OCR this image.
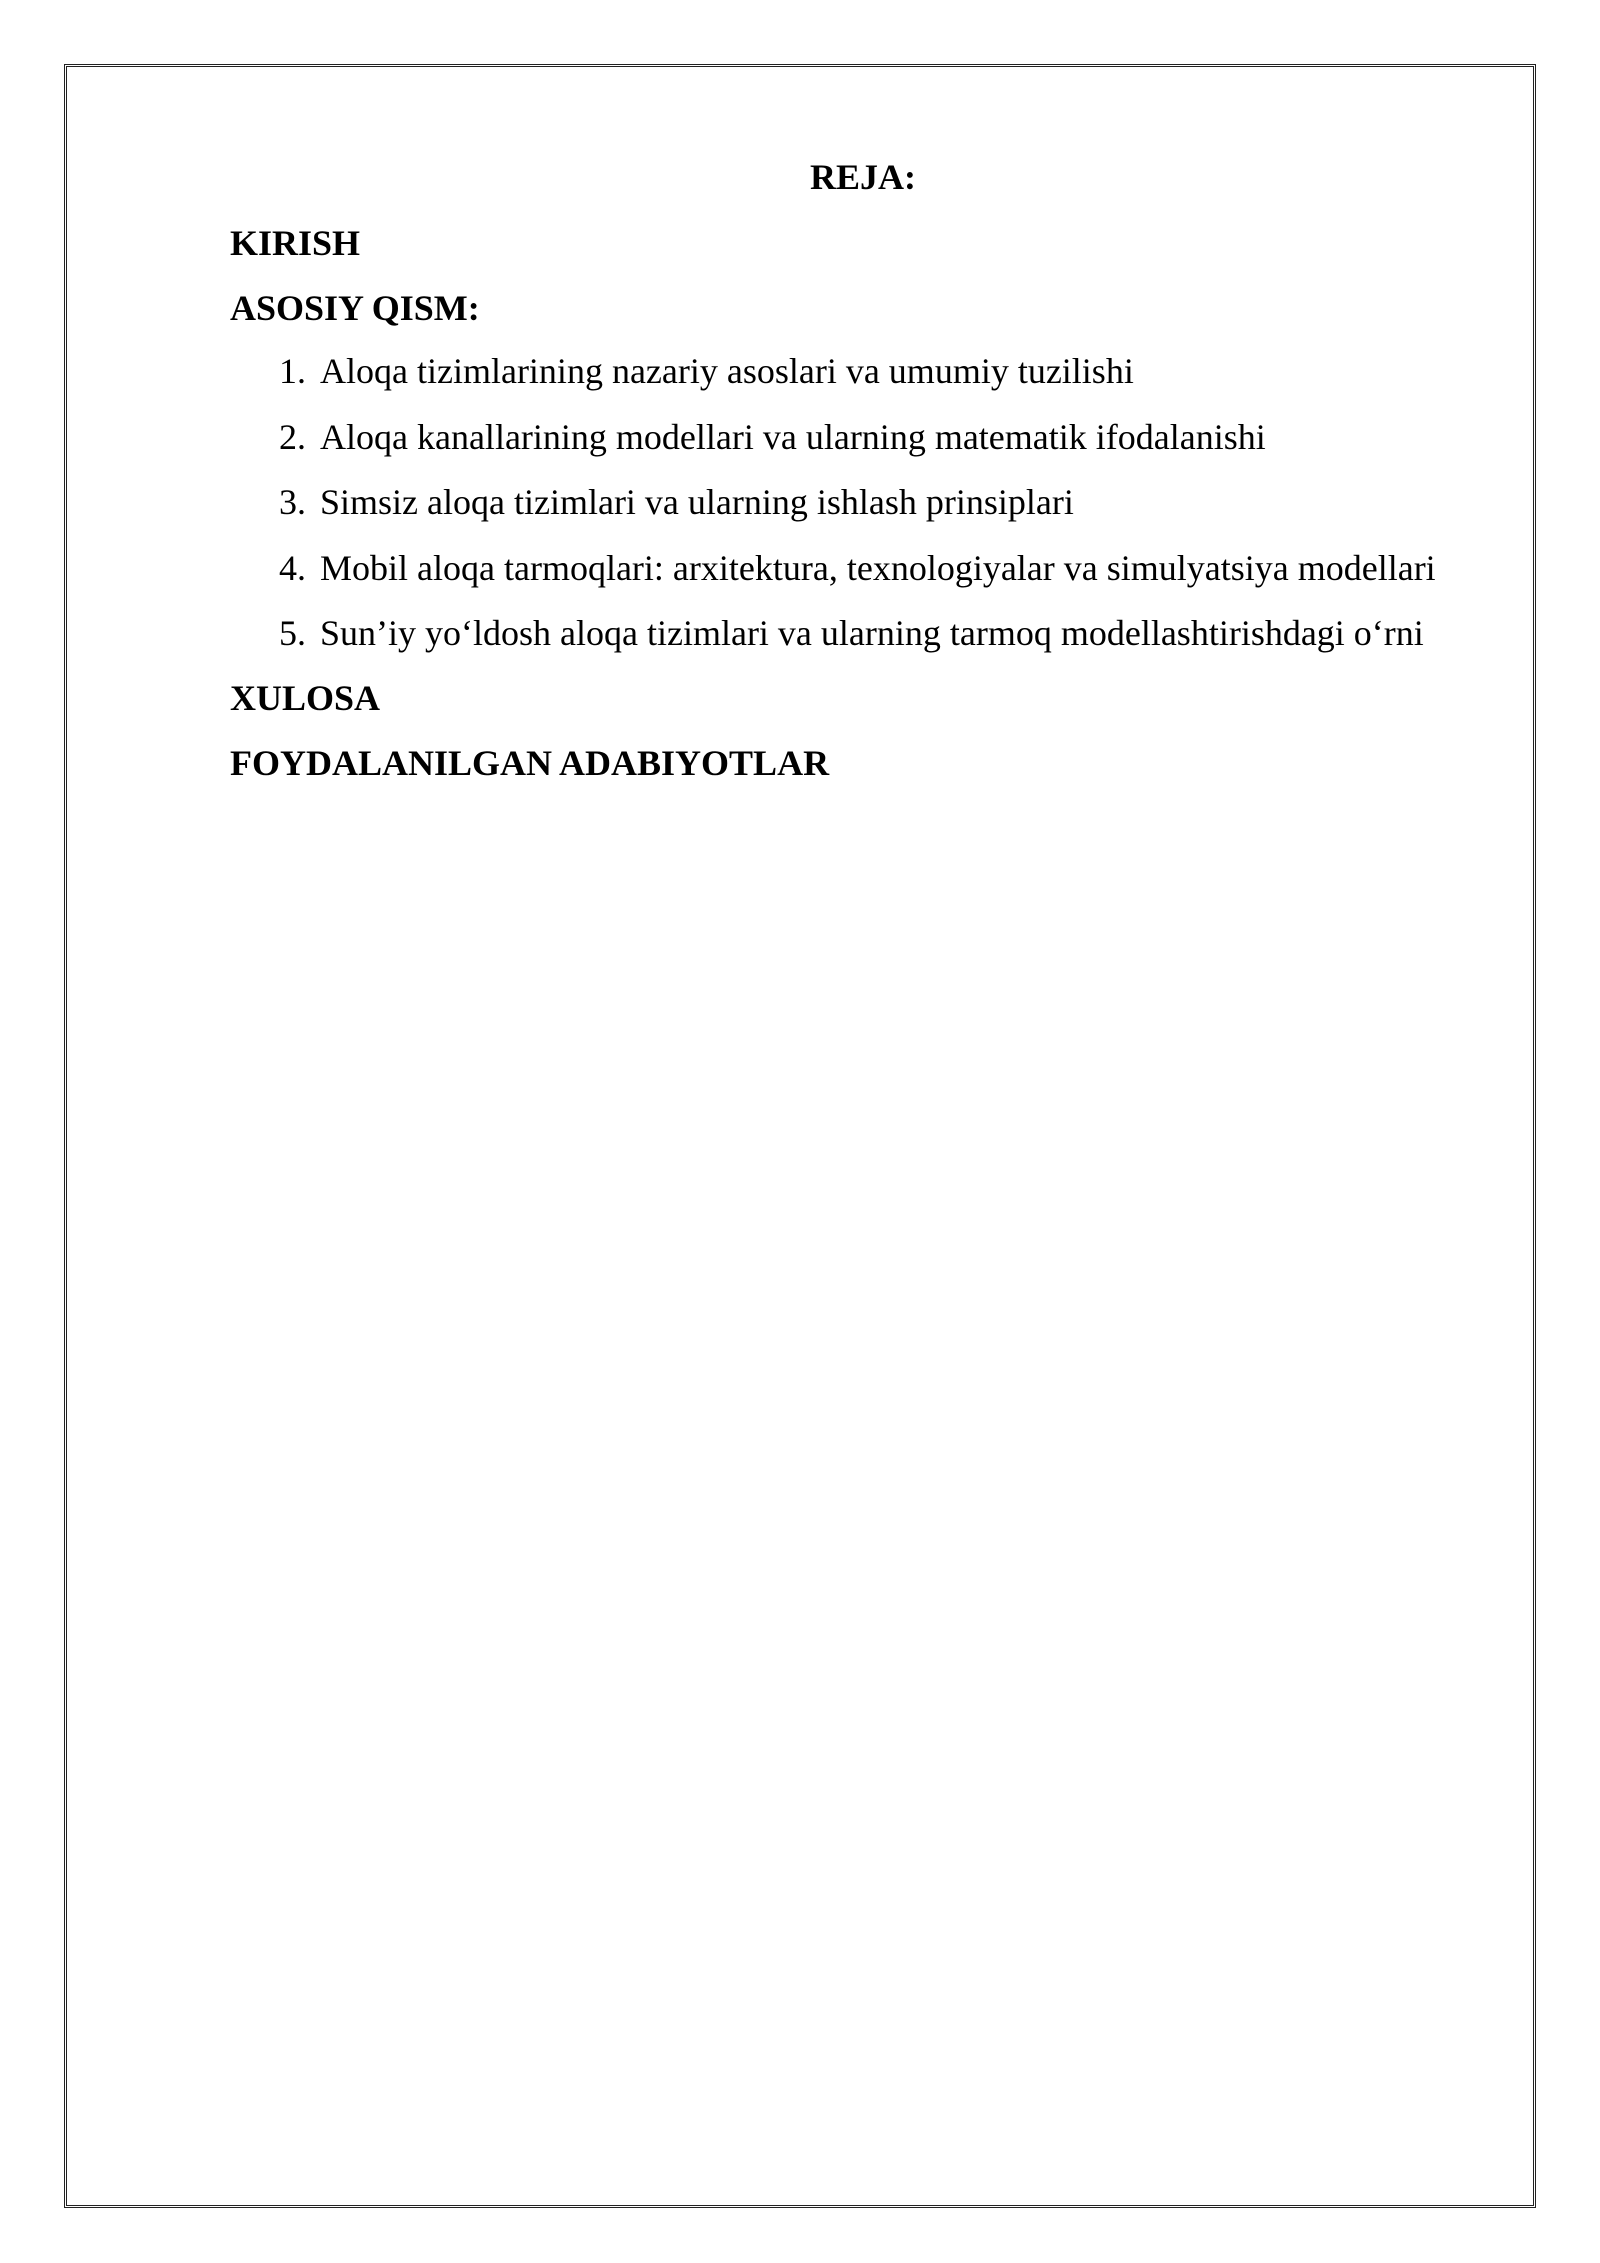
REJA:
KIRISH
ASOSIY QISM:
1. Aloqa tizimlarining nazariy asoslari va umumiy tuzilishi
2. Aloqa kanallarining modellari va ularning matematik ifodalanishi
3. Simsiz aloqa tizimlari va ularning ishlash prinsiplari
4. Mobil aloqa tarmoqlari: arxitektura, texnologiyalar va simulyatsiya modellari
5. Sun’iy yo‘ldosh aloqa tizimlari va ularning tarmoq modellashtirishdagi o‘rni
XULOSA
FOYDALANILGAN ADABIYOTLAR
